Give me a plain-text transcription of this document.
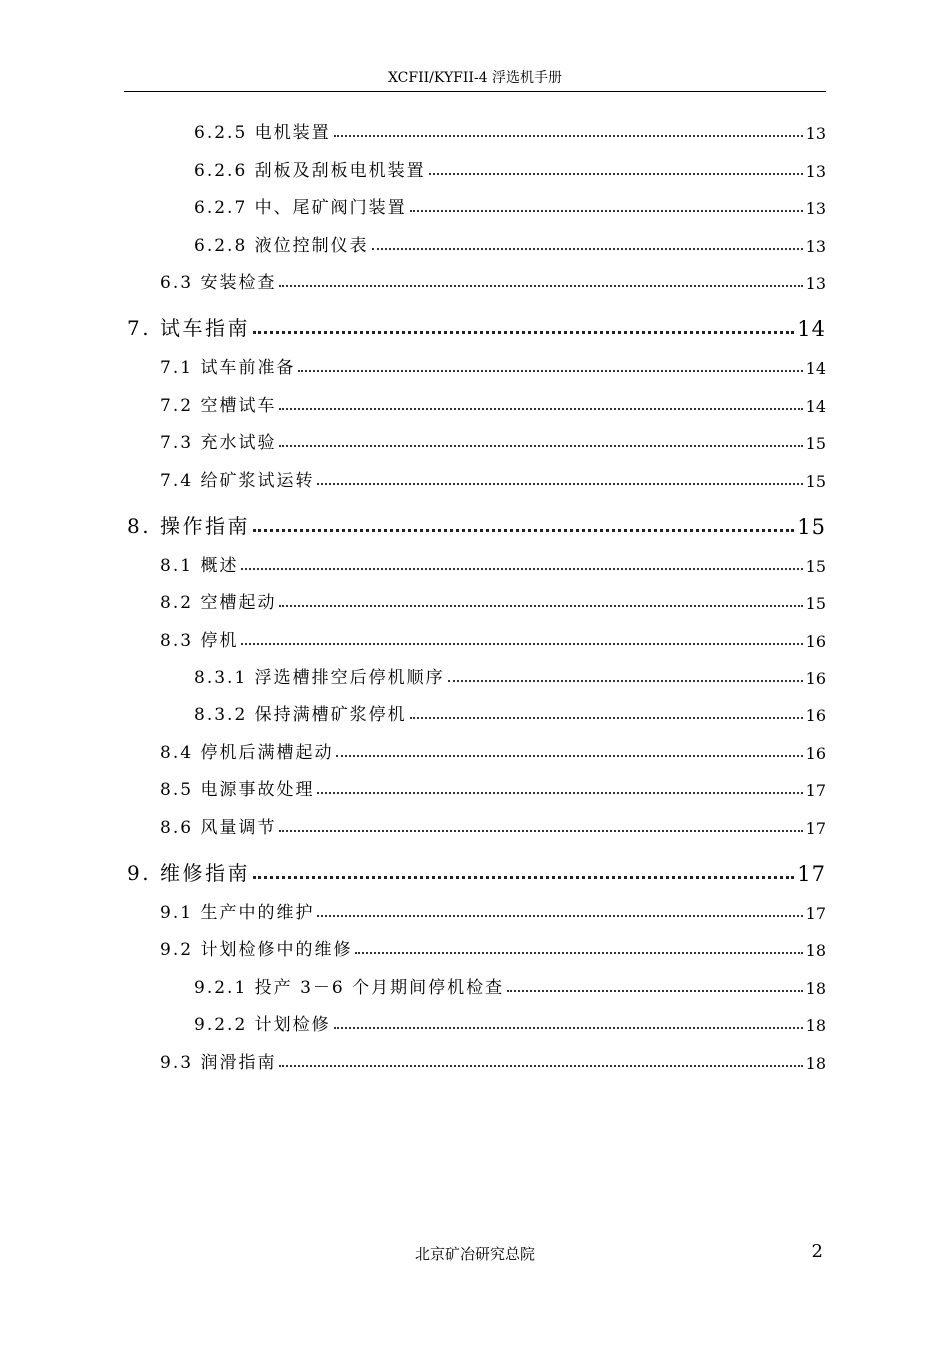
XCFII/KYFII-4 浮选机手册
6.2.5 电机装置	13
6.2.6 刮板及刮板电机装置	13
6.2.7 中、尾矿阀门装置	13
6.2.8 液位控制仪表	13
6.3 安装检查	13
7. 试车指南	14
7.1 试车前准备	14
7.2 空槽试车	14
7.3 充水试验	15
7.4 给矿浆试运转	15
8. 操作指南	15
8.1 概述	15
8.2 空槽起动	15
8.3 停机	16
8.3.1 浮选槽排空后停机顺序	16
8.3.2 保持满槽矿浆停机	16
8.4 停机后满槽起动	16
8.5 电源事故处理	17
8.6 风量调节	17
9. 维修指南	17
9.1 生产中的维护	17
9.2 计划检修中的维修	18
9.2.1 投产 3－6 个月期间停机检查	18
9.2.2 计划检修	18
9.3 润滑指南	18
北京矿冶研究总院	2
